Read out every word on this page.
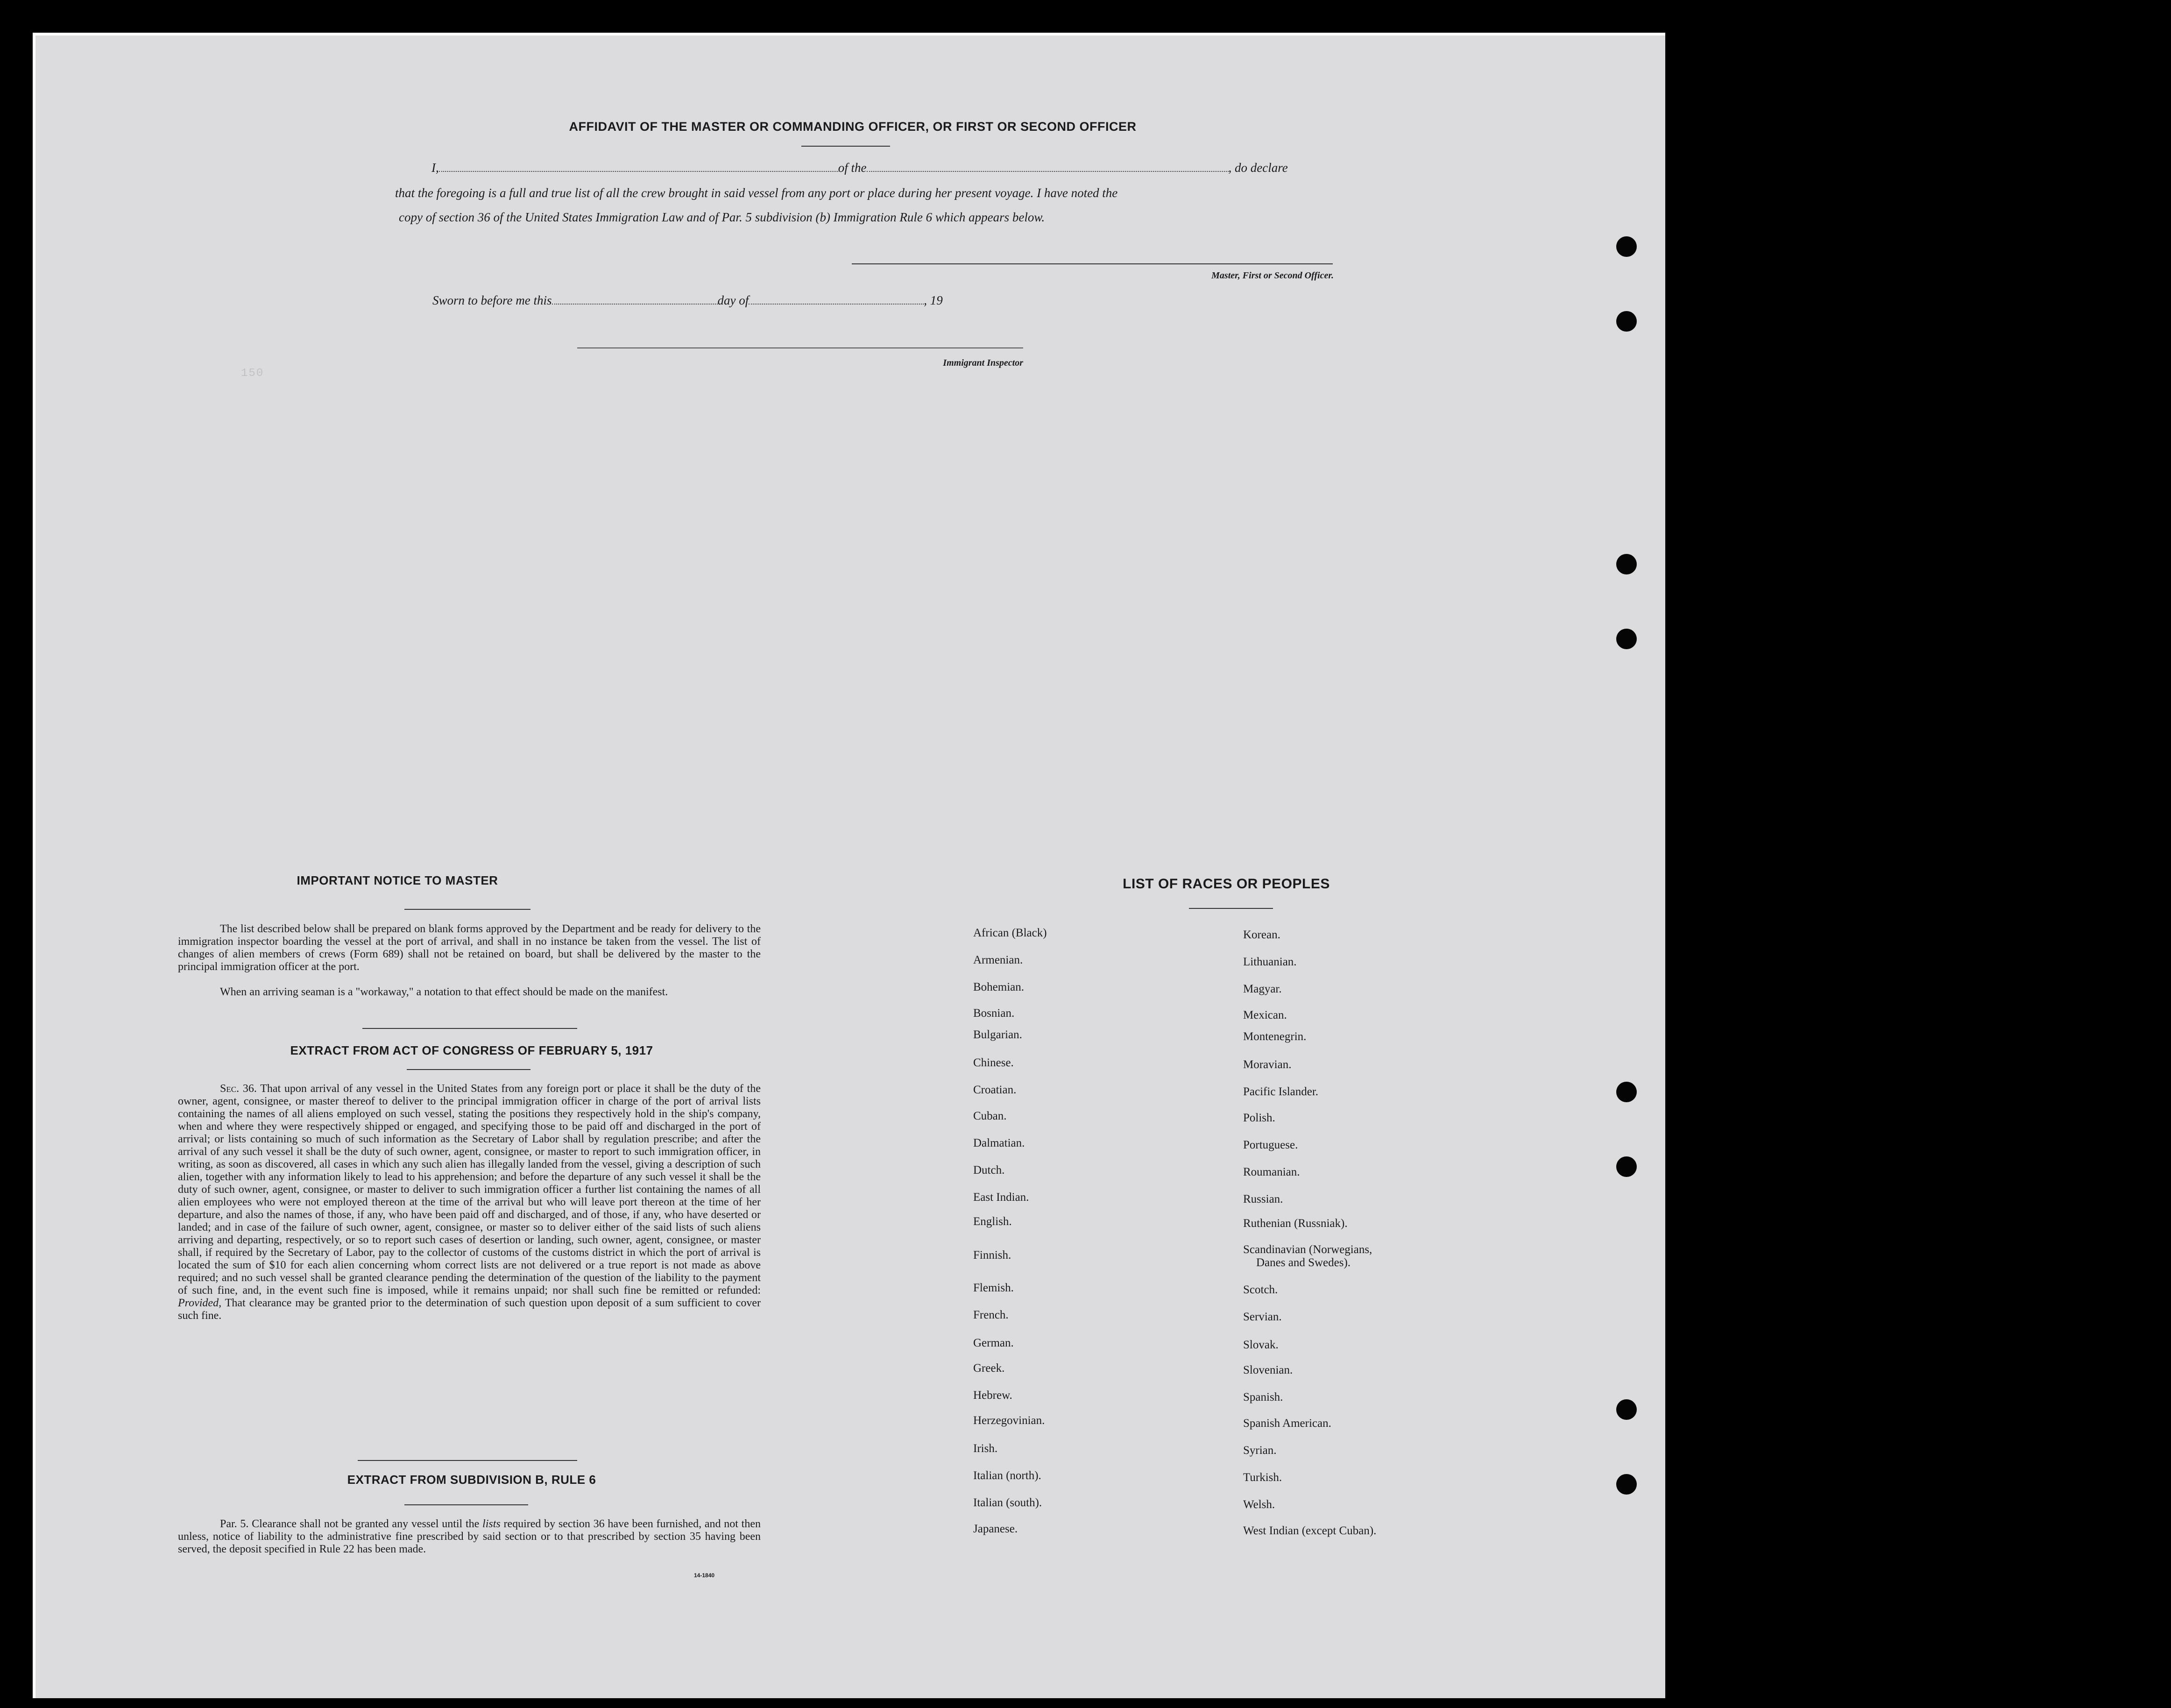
150
AFFIDAVIT OF THE MASTER OR COMMANDING OFFICER, OR FIRST OR SECOND OFFICER
I,	of the	, do declare
that the foregoing is a full and true list of all the crew brought in said vessel from any port or place during her present voyage. I have noted the
copy of section 36 of the United States Immigration Law and of Par. 5 subdivision (b) Immigration Rule 6 which appears below.
Master, First or Second Officer.
Sworn to before me this	day of	, 19
Immigrant Inspector
IMPORTANT NOTICE TO MASTER
The list described below shall be prepared on blank forms approved by the Department and be ready for delivery to the immigration inspector boarding the vessel at the port of arrival, and shall in no instance be taken from the vessel. The list of changes of alien members of crews (Form 689) shall not be retained on board, but shall be delivered by the master to the principal immigration officer at the port.
When an arriving seaman is a "workaway," a notation to that effect should be made on the manifest.
EXTRACT FROM ACT OF CONGRESS OF FEBRUARY 5, 1917
Sec. 36. That upon arrival of any vessel in the United States from any foreign port or place it shall be the duty of the owner, agent, consignee, or master thereof to deliver to the principal immigration officer in charge of the port of arrival lists containing the names of all aliens employed on such vessel, stating the positions they respectively hold in the ship's company, when and where they were respectively shipped or engaged, and specifying those to be paid off and discharged in the port of arrival; or lists containing so much of such information as the Secretary of Labor shall by regulation prescribe; and after the arrival of any such vessel it shall be the duty of such owner, agent, consignee, or master to report to such immigration officer, in writing, as soon as discovered, all cases in which any such alien has illegally landed from the vessel, giving a description of such alien, together with any information likely to lead to his apprehension; and before the departure of any such vessel it shall be the duty of such owner, agent, consignee, or master to deliver to such immigration officer a further list containing the names of all alien employees who were not employed thereon at the time of the arrival but who will leave port thereon at the time of her departure, and also the names of those, if any, who have been paid off and discharged, and of those, if any, who have deserted or landed; and in case of the failure of such owner, agent, consignee, or master so to deliver either of the said lists of such aliens arriving and departing, respectively, or so to report such cases of desertion or landing, such owner, agent, consignee, or master shall, if required by the Secretary of Labor, pay to the collector of customs of the customs district in which the port of arrival is located the sum of $10 for each alien concerning whom correct lists are not delivered or a true report is not made as above required; and no such vessel shall be granted clearance pending the determination of the question of the liability to the payment of such fine, and, in the event such fine is imposed, while it remains unpaid; nor shall such fine be remitted or refunded: Provided, That clearance may be granted prior to the determination of such question upon deposit of a sum sufficient to cover such fine.
EXTRACT FROM SUBDIVISION B, RULE 6
Par. 5. Clearance shall not be granted any vessel until the lists required by section 36 have been furnished, and not then unless, notice of liability to the administrative fine prescribed by said section or to that prescribed by section 35 having been served, the deposit specified in Rule 22 has been made.
14-1840
LIST OF RACES OR PEOPLES
African (Black)
Armenian.
Bohemian.
Bosnian.
Bulgarian.
Chinese.
Croatian.
Cuban.
Dalmatian.
Dutch.
East Indian.
English.
Finnish.
Flemish.
French.
German.
Greek.
Hebrew.
Herzegovinian.
Irish.
Italian (north).
Italian (south).
Japanese.
Korean.
Lithuanian.
Magyar.
Mexican.
Montenegrin.
Moravian.
Pacific Islander.
Polish.
Portuguese.
Roumanian.
Russian.
Ruthenian (Russniak).
Scandinavian (Norwegians,
Danes and Swedes).
Scotch.
Servian.
Slovak.
Slovenian.
Spanish.
Spanish American.
Syrian.
Turkish.
Welsh.
West Indian (except Cuban).
